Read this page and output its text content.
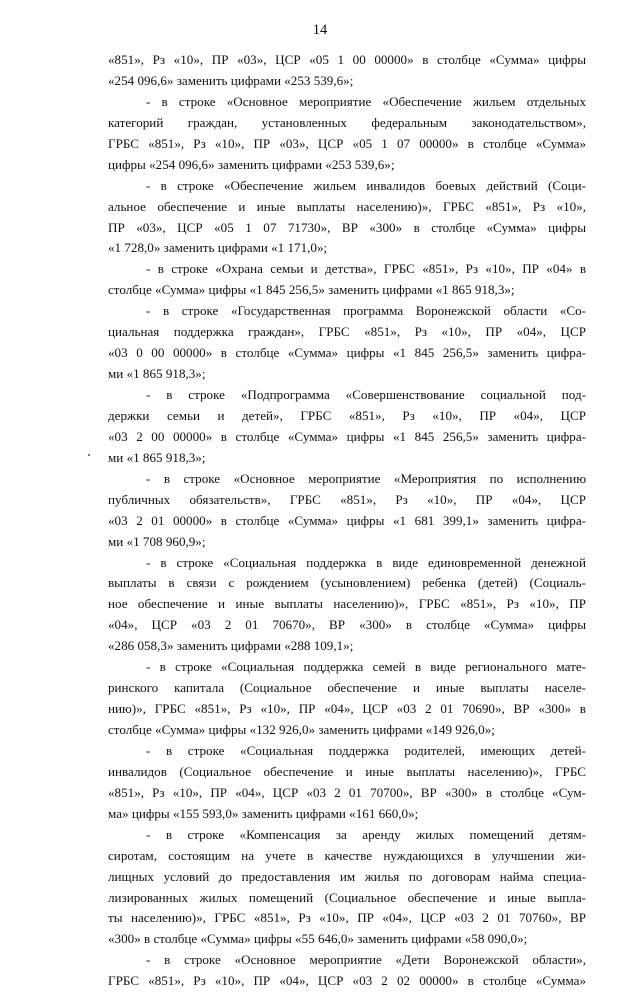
14
«851», Рз «10», ПР «03», ЦСР «05 1 00 00000» в столбце «Сумма» цифры
«254 096,6» заменить цифрами «253 539,6»;
- в строке «Основное мероприятие «Обеспечение жильем отдельных
категорий граждан, установленных федеральным законодательством»,
ГРБС «851», Рз «10», ПР «03», ЦСР «05 1 07 00000» в столбце «Сумма»
цифры «254 096,6» заменить цифрами «253 539,6»;
- в строке «Обеспечение жильем инвалидов боевых действий (Соци-
альное обеспечение и иные выплаты населению)», ГРБС «851», Рз «10»,
ПР «03», ЦСР «05 1 07 71730», ВР «300» в столбце «Сумма» цифры
«1 728,0» заменить цифрами «1 171,0»;
- в строке «Охрана семьи и детства», ГРБС «851», Рз «10», ПР «04» в
столбце «Сумма» цифры «1 845 256,5» заменить цифрами «1 865 918,3»;
- в строке «Государственная программа Воронежской области «Со-
циальная поддержка граждан», ГРБС «851», Рз «10», ПР «04», ЦСР
«03 0 00 00000» в столбце «Сумма» цифры «1 845 256,5» заменить цифра-
ми «1 865 918,3»;
- в строке «Подпрограмма «Совершенствование социальной под-
держки семьи и детей», ГРБС «851», Рз «10», ПР «04», ЦСР
«03 2 00 00000» в столбце «Сумма» цифры «1 845 256,5» заменить цифра-
ми «1 865 918,3»;
- в строке «Основное мероприятие «Мероприятия по исполнению
публичных обязательств», ГРБС «851», Рз «10», ПР «04», ЦСР
«03 2 01 00000» в столбце «Сумма» цифры «1 681 399,1» заменить цифра-
ми «1 708 960,9»;
- в строке «Социальная поддержка в виде единовременной денежной
выплаты в связи с рождением (усыновлением) ребенка (детей) (Социаль-
ное обеспечение и иные выплаты населению)», ГРБС «851», Рз «10», ПР
«04», ЦСР «03 2 01 70670», ВР «300» в столбце «Сумма» цифры
«286 058,3» заменить цифрами «288 109,1»;
- в строке «Социальная поддержка семей в виде регионального мате-
ринского капитала (Социальное обеспечение и иные выплаты населе-
нию)», ГРБС «851», Рз «10», ПР «04», ЦСР «03 2 01 70690», ВР «300» в
столбце «Сумма» цифры «132 926,0» заменить цифрами «149 926,0»;
- в строке «Социальная поддержка родителей, имеющих детей-
инвалидов (Социальное обеспечение и иные выплаты населению)», ГРБС
«851», Рз «10», ПР «04», ЦСР «03 2 01 70700», ВР «300» в столбце «Сум-
ма» цифры «155 593,0» заменить цифрами «161 660,0»;
- в строке «Компенсация за аренду жилых помещений детям-
сиротам, состоящим на учете в качестве нуждающихся в улучшении жи-
лищных условий до предоставления им жилья по договорам найма специа-
лизированных жилых помещений (Социальное обеспечение и иные выпла-
ты населению)», ГРБС «851», Рз «10», ПР «04», ЦСР «03 2 01 70760», ВР
«300» в столбце «Сумма» цифры «55 646,0» заменить цифрами «58 090,0»;
- в строке «Основное мероприятие «Дети Воронежской области»,
ГРБС «851», Рз «10», ПР «04», ЦСР «03 2 02 00000» в столбце «Сумма»
